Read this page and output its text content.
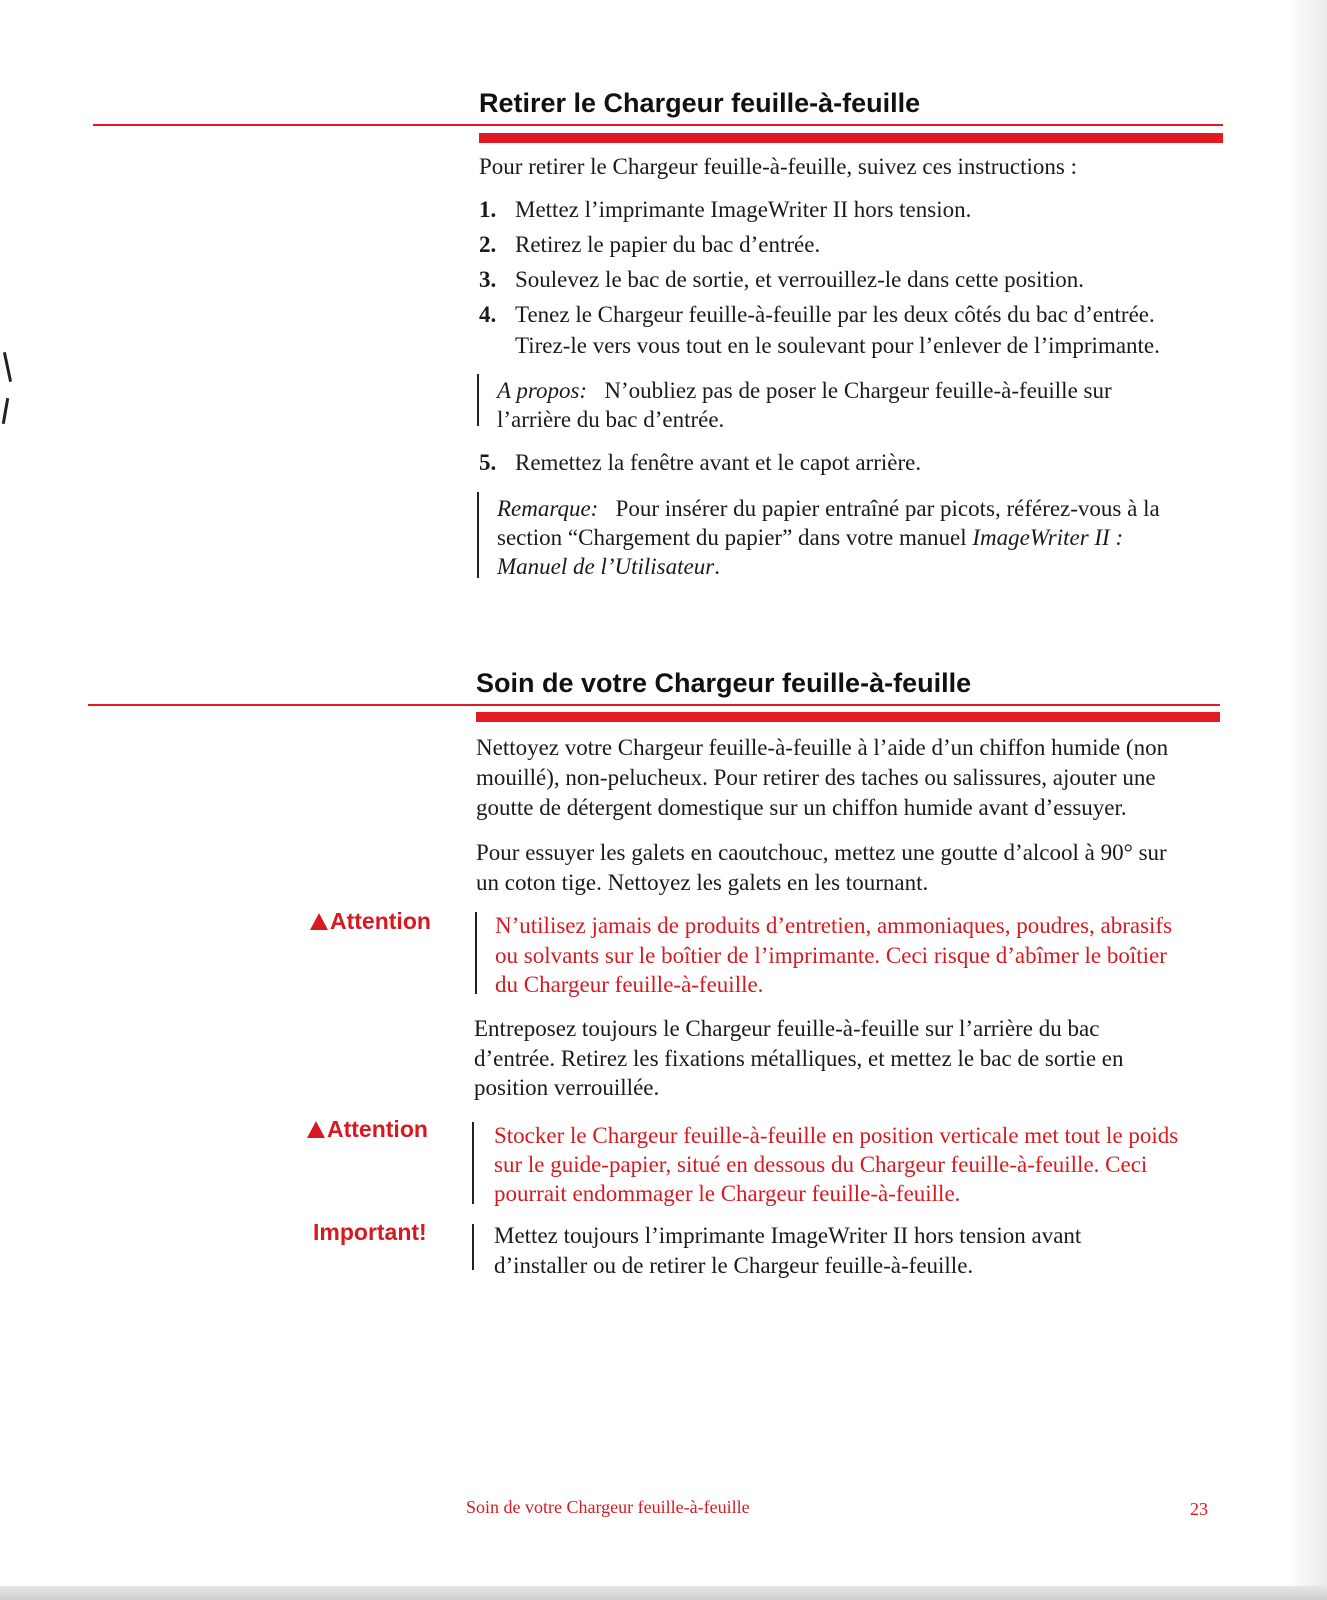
Retirer le Chargeur feuille-à-feuille

Pour retirer le Chargeur feuille-à-feuille, suivez ces instructions :

1. Mettez l’imprimante ImageWriter II hors tension.
2. Retirez le papier du bac d’entrée.
3. Soulevez le bac de sortie, et verrouillez-le dans cette position.
4. Tenez le Chargeur feuille-à-feuille par les deux côtés du bac d’entrée.
Tirez-le vers vous tout en le soulevant pour l’enlever de l’imprimante.
A propos: N’oubliez pas de poser le Chargeur feuille-à-feuille sur
l’arrière du bac d’entrée.
5. Remettez la fenêtre avant et le capot arrière.
Remarque: Pour insérer du papier entraîné par picots, référez-vous à la
section “Chargement du papier” dans votre manuel ImageWriter II :
Manuel de l’Utilisateur.
Soin de votre Chargeur feuille-à-feuille
Nettoyez votre Chargeur feuille-à-feuille à l’aide d’un chiffon humide (non
mouillé), non-pelucheux. Pour retirer des taches ou salissures, ajouter une
goutte de détergent domestique sur un chiffon humide avant d’essuyer.
Pour essuyer les galets en caoutchouc, mettez une goutte d’alcool à 90° sur
un coton tige. Nettoyez les galets en les tournant.
Attention	N’utilisez jamais de produits d’entretien, ammoniaques, poudres, abrasifs
ou solvants sur le boîtier de l’imprimante. Ceci risque d’abîmer le boîtier
du Chargeur feuille-à-feuille.
Entreposez toujours le Chargeur feuille-à-feuille sur l’arrière du bac
d’entrée. Retirez les fixations métalliques, et mettez le bac de sortie en
position verrouillée.
Attention	Stocker le Chargeur feuille-à-feuille en position verticale met tout le poids
sur le guide-papier, situé en dessous du Chargeur feuille-à-feuille. Ceci
pourrait endommager le Chargeur feuille-à-feuille.
Important!	Mettez toujours l’imprimante ImageWriter II hors tension avant
d’installer ou de retirer le Chargeur feuille-à-feuille.
Soin de votre Chargeur feuille-à-feuille	23
